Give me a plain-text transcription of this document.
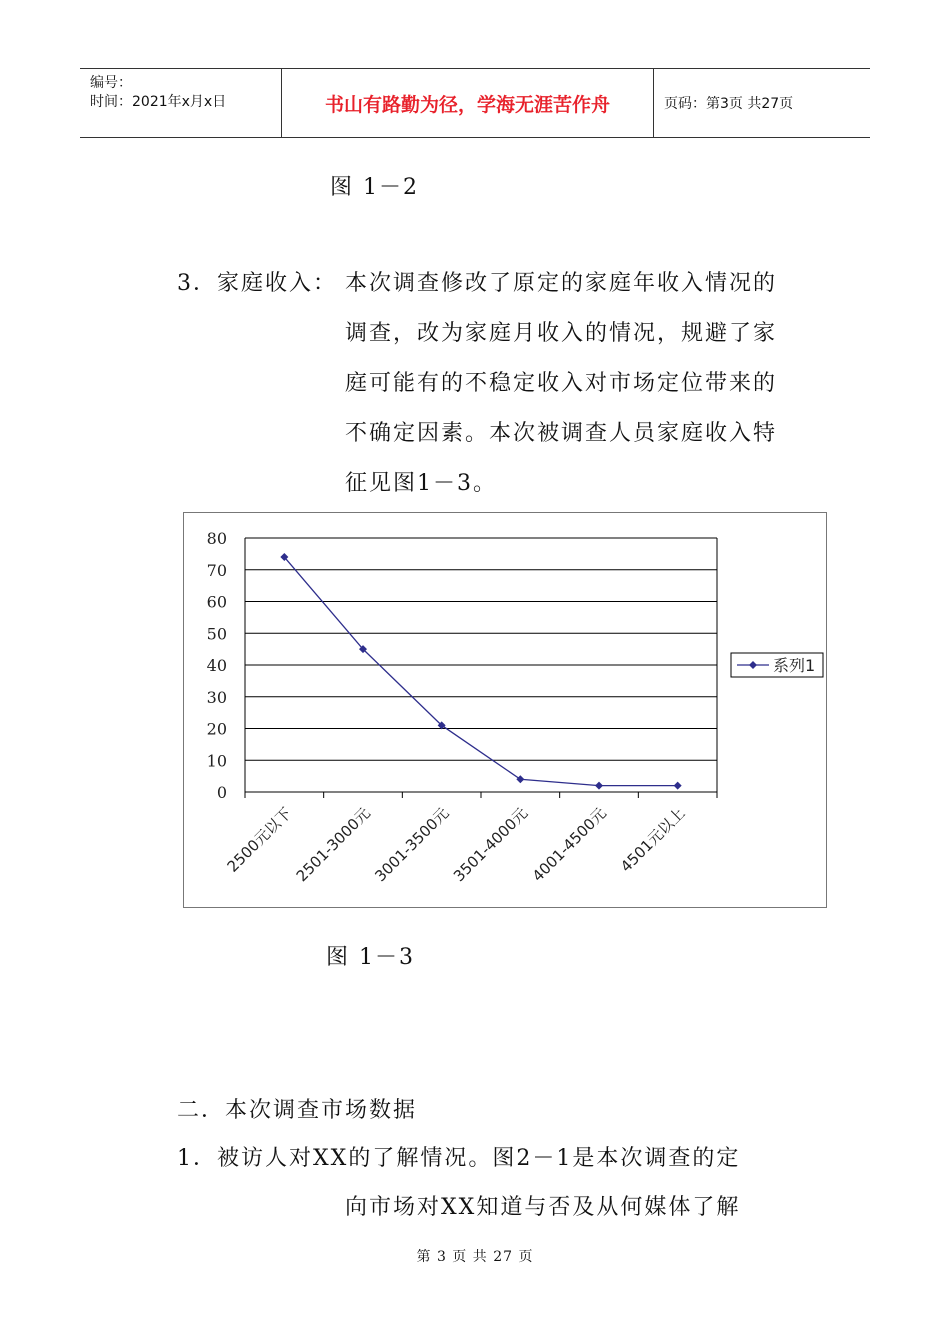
编号：
时间：2021年x月x日	书山有路勤为径，学海无涯苦作舟	页码：第3页 共27页
图 1－2
3．家庭收入： 本次调查修改了原定的家庭年收入情况的
调查，改为家庭月收入的情况，规避了家
庭可能有的不稳定收入对市场定位带来的
不确定因素。本次被调查人员家庭收入特
征见图1－3。
0
10
20
30
40
50
60
70
80
2500元以下
2501-3000元
3001-3500元
3501-4000元
4001-4500元 4501元以上
系列1
图 1－3
二．本次调查市场数据
1．被访人对XX的了解情况。图2－1是本次调查的定
向市场对XX知道与否及从何媒体了解
第 3 页 共 27 页
